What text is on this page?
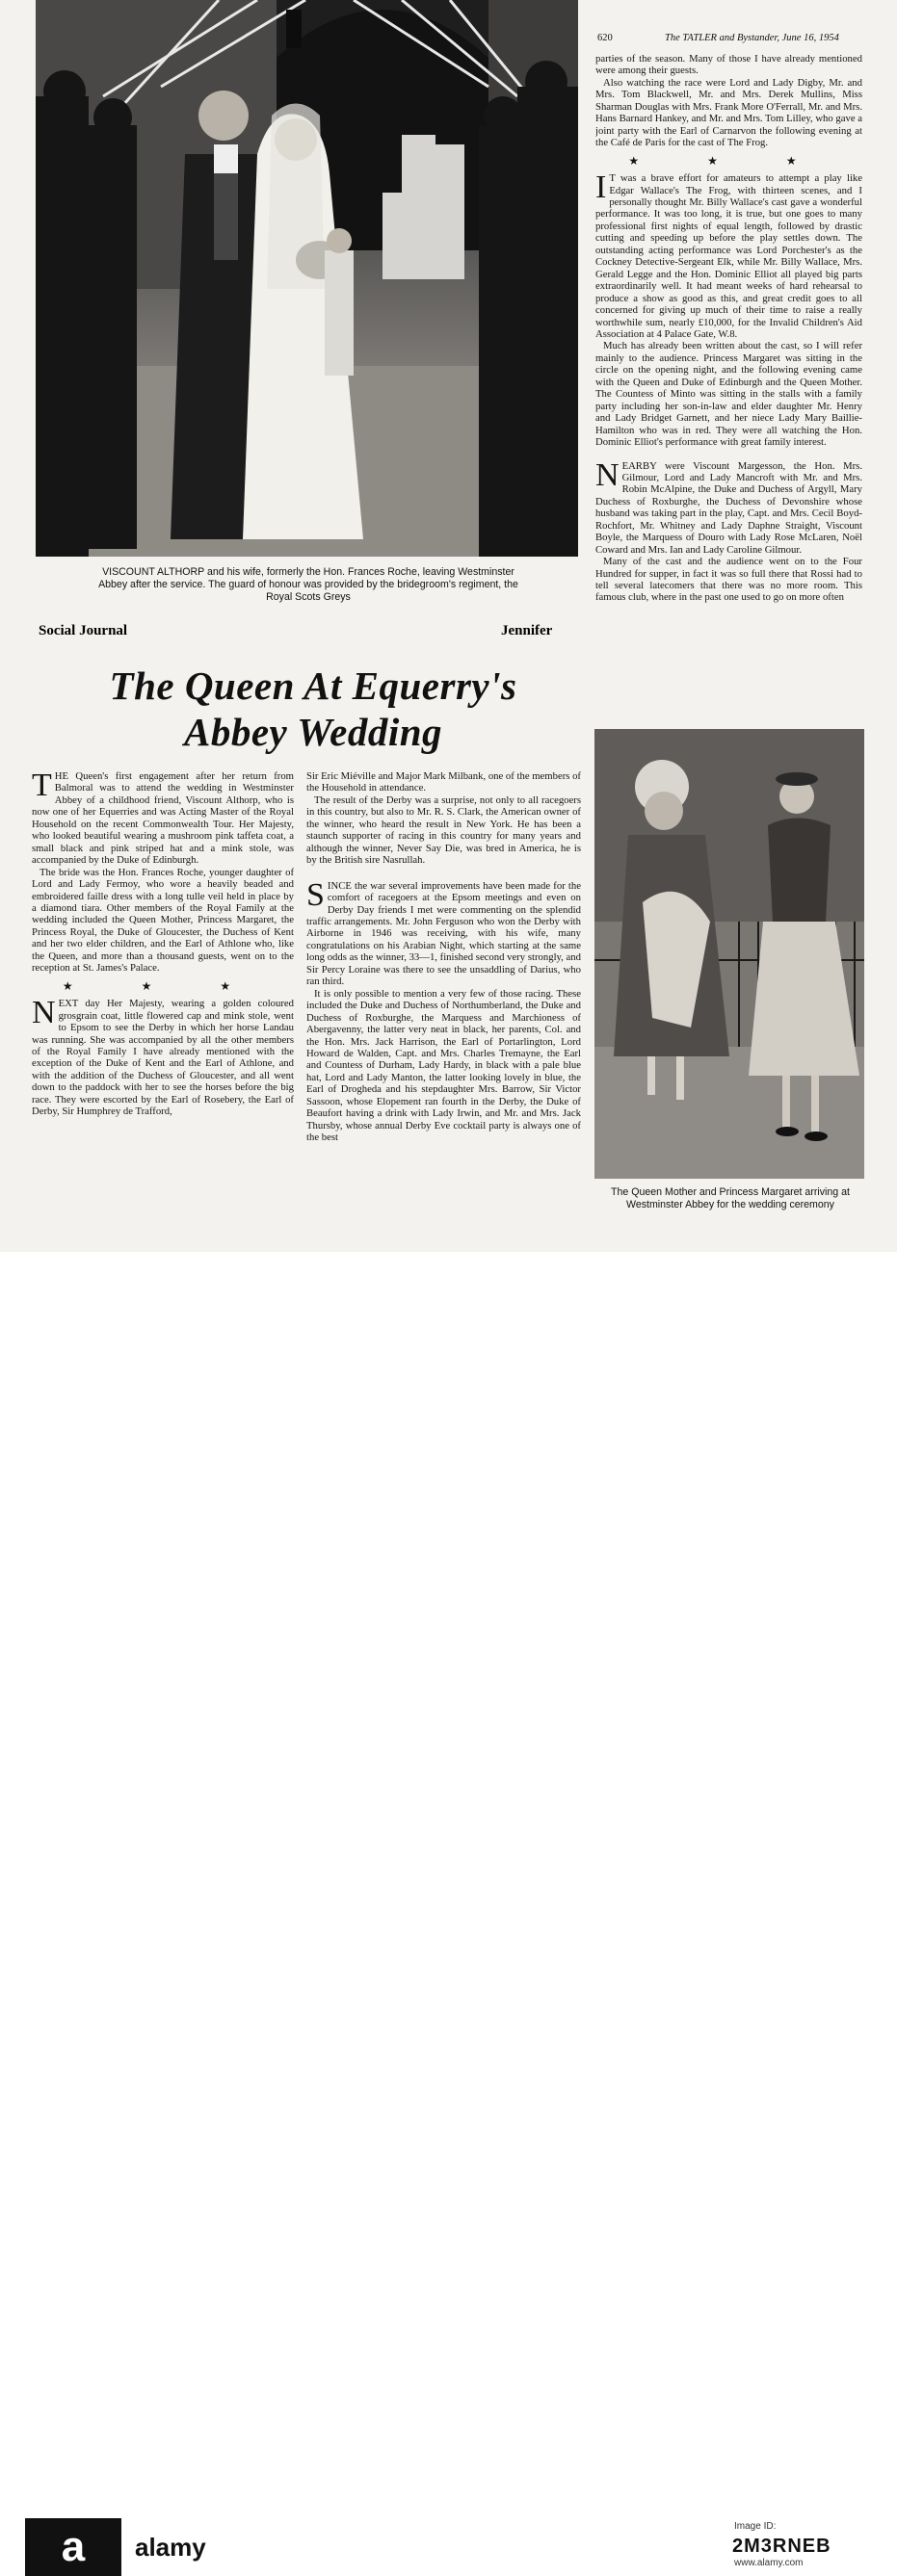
VISCOUNT ALTHORP and his wife, formerly the Hon. Frances Roche, leaving Westminster Abbey after the service. The guard of honour was provided by the bridegroom's regiment, the Royal Scots Greys
Social Journal	Jennifer
The Queen At Equerry's
Abbey Wedding

THE Queen's first engagement after her return from Balmoral was to attend the wedding in Westminster Abbey of a childhood friend, Viscount Althorp, who is now one of her Equerries and was Acting Master of the Royal Household on the recent Commonwealth Tour. Her Majesty, who looked beautiful wearing a mushroom pink taffeta coat, a small black and pink striped hat and a mink stole, was accompanied by the Duke of Edinburgh.

The bride was the Hon. Frances Roche, younger daughter of Lord and Lady Fermoy, who wore a heavily beaded and embroidered faille dress with a long tulle veil held in place by a diamond tiara. Other members of the Royal Family at the wedding included the Queen Mother, Princess Margaret, the Princess Royal, the Duke of Gloucester, the Duchess of Kent and her two elder children, and the Earl of Athlone who, like the Queen, and more than a thousand guests, went on to the reception at St. James's Palace.

★ ★ ★

NEXT day Her Majesty, wearing a golden coloured grosgrain coat, little flowered cap and mink stole, went to Epsom to see the Derby in which her horse Landau was running. She was accompanied by all the other members of the Royal Family I have already mentioned with the exception of the Duke of Kent and the Earl of Athlone, and with the addition of the Duchess of Gloucester, and all went down to the paddock with her to see the horses before the big race. They were escorted by the Earl of Rosebery, the Earl of Derby, Sir Humphrey de Trafford,

Sir Eric Miéville and Major Mark Milbank, one of the members of the Household in attendance.

The result of the Derby was a surprise, not only to all racegoers in this country, but also to Mr. R. S. Clark, the American owner of the winner, who heard the result in New York. He has been a staunch supporter of racing in this country for many years and although the winner, Never Say Die, was bred in America, he is by the British sire Nasrullah.

SINCE the war several improvements have been made for the comfort of racegoers at the Epsom meetings and even on Derby Day friends I met were commenting on the splendid traffic arrangements. Mr. John Ferguson who won the Derby with Airborne in 1946 was receiving, with his wife, many congratulations on his Arabian Night, which starting at the same long odds as the winner, 33—1, finished second very strongly, and Sir Percy Loraine was there to see the unsaddling of Darius, who ran third.

It is only possible to mention a very few of those racing. These included the Duke and Duchess of Northumberland, the Duke and Duchess of Roxburghe, the Marquess and Marchioness of Abergavenny, the latter very neat in black, her parents, Col. and the Hon. Mrs. Jack Harrison, the Earl of Portarlington, Lord Howard de Walden, Capt. and Mrs. Charles Tremayne, the Earl and Countess of Durham, Lady Hardy, in black with a pale blue hat, Lord and Lady Manton, the latter looking lovely in blue, the Earl of Drogheda and his stepdaughter Mrs. Barrow, Sir Victor Sassoon, whose Elopement ran fourth in the Derby, the Duke of Beaufort having a drink with Lady Irwin, and Mr. and Mrs. Jack Thursby, whose annual Derby Eve cocktail party is always one of the best

620	The TATLER and Bystander, June 16, 1954

parties of the season. Many of those I have already mentioned were among their guests.

Also watching the race were Lord and Lady Digby, Mr. and Mrs. Tom Blackwell, Mr. and Mrs. Derek Mullins, Miss Sharman Douglas with Mrs. Frank More O'Ferrall, Mr. and Mrs. Hans Barnard Hankey, and Mr. and Mrs. Tom Lilley, who gave a joint party with the Earl of Carnarvon the following evening at the Café de Paris for the cast of The Frog.

★ ★ ★

I T was a brave effort for amateurs to attempt a play like Edgar Wallace's The Frog, with thirteen scenes, and I personally thought Mr. Billy Wallace's cast gave a wonderful performance. It was too long, it is true, but one goes to many professional first nights of equal length, followed by drastic cutting and speeding up before the play settles down. The outstanding acting performance was Lord Porchester's as the Cockney Detective-Sergeant Elk, while Mr. Billy Wallace, Mrs. Gerald Legge and the Hon. Dominic Elliot all played big parts extraordinarily well. It had meant weeks of hard rehearsal to produce a show as good as this, and great credit goes to all concerned for giving up much of their time to raise a really worthwhile sum, nearly £10,000, for the Invalid Children's Aid Association at 4 Palace Gate, W.8.

Much has already been written about the cast, so I will refer mainly to the audience. Princess Margaret was sitting in the circle on the opening night, and the following evening came with the Queen and Duke of Edinburgh and the Queen Mother. The Countess of Minto was sitting in the stalls with a family party including her son-in-law and elder daughter Mr. Henry and Lady Bridget Garnett, and her niece Lady Mary Baillie-Hamilton who was in red. They were all watching the Hon. Dominic Elliot's performance with great family interest.

NEARBY were Viscount Margesson, the Hon. Mrs. Gilmour, Lord and Lady Mancroft with Mr. and Mrs. Robin McAlpine, the Duke and Duchess of Argyll, Mary Duchess of Roxburghe, the Duchess of Devonshire whose husband was taking part in the play, Capt. and Mrs. Cecil Boyd-Rochfort, Mr. Whitney and Lady Daphne Straight, Viscount Boyle, the Marquess of Douro with Lady Rose McLaren, Noël Coward and Mrs. Ian and Lady Caroline Gilmour.

Many of the cast and the audience went on to the Four Hundred for supper, in fact it was so full there that Rossi had to tell several latecomers that there was no more room. This famous club, where in the past one used to go on more often

The Queen Mother and Princess Margaret arriving at Westminster Abbey for the wedding ceremony
a alamy
Image ID:
2M3RNEB
www.alamy.com
